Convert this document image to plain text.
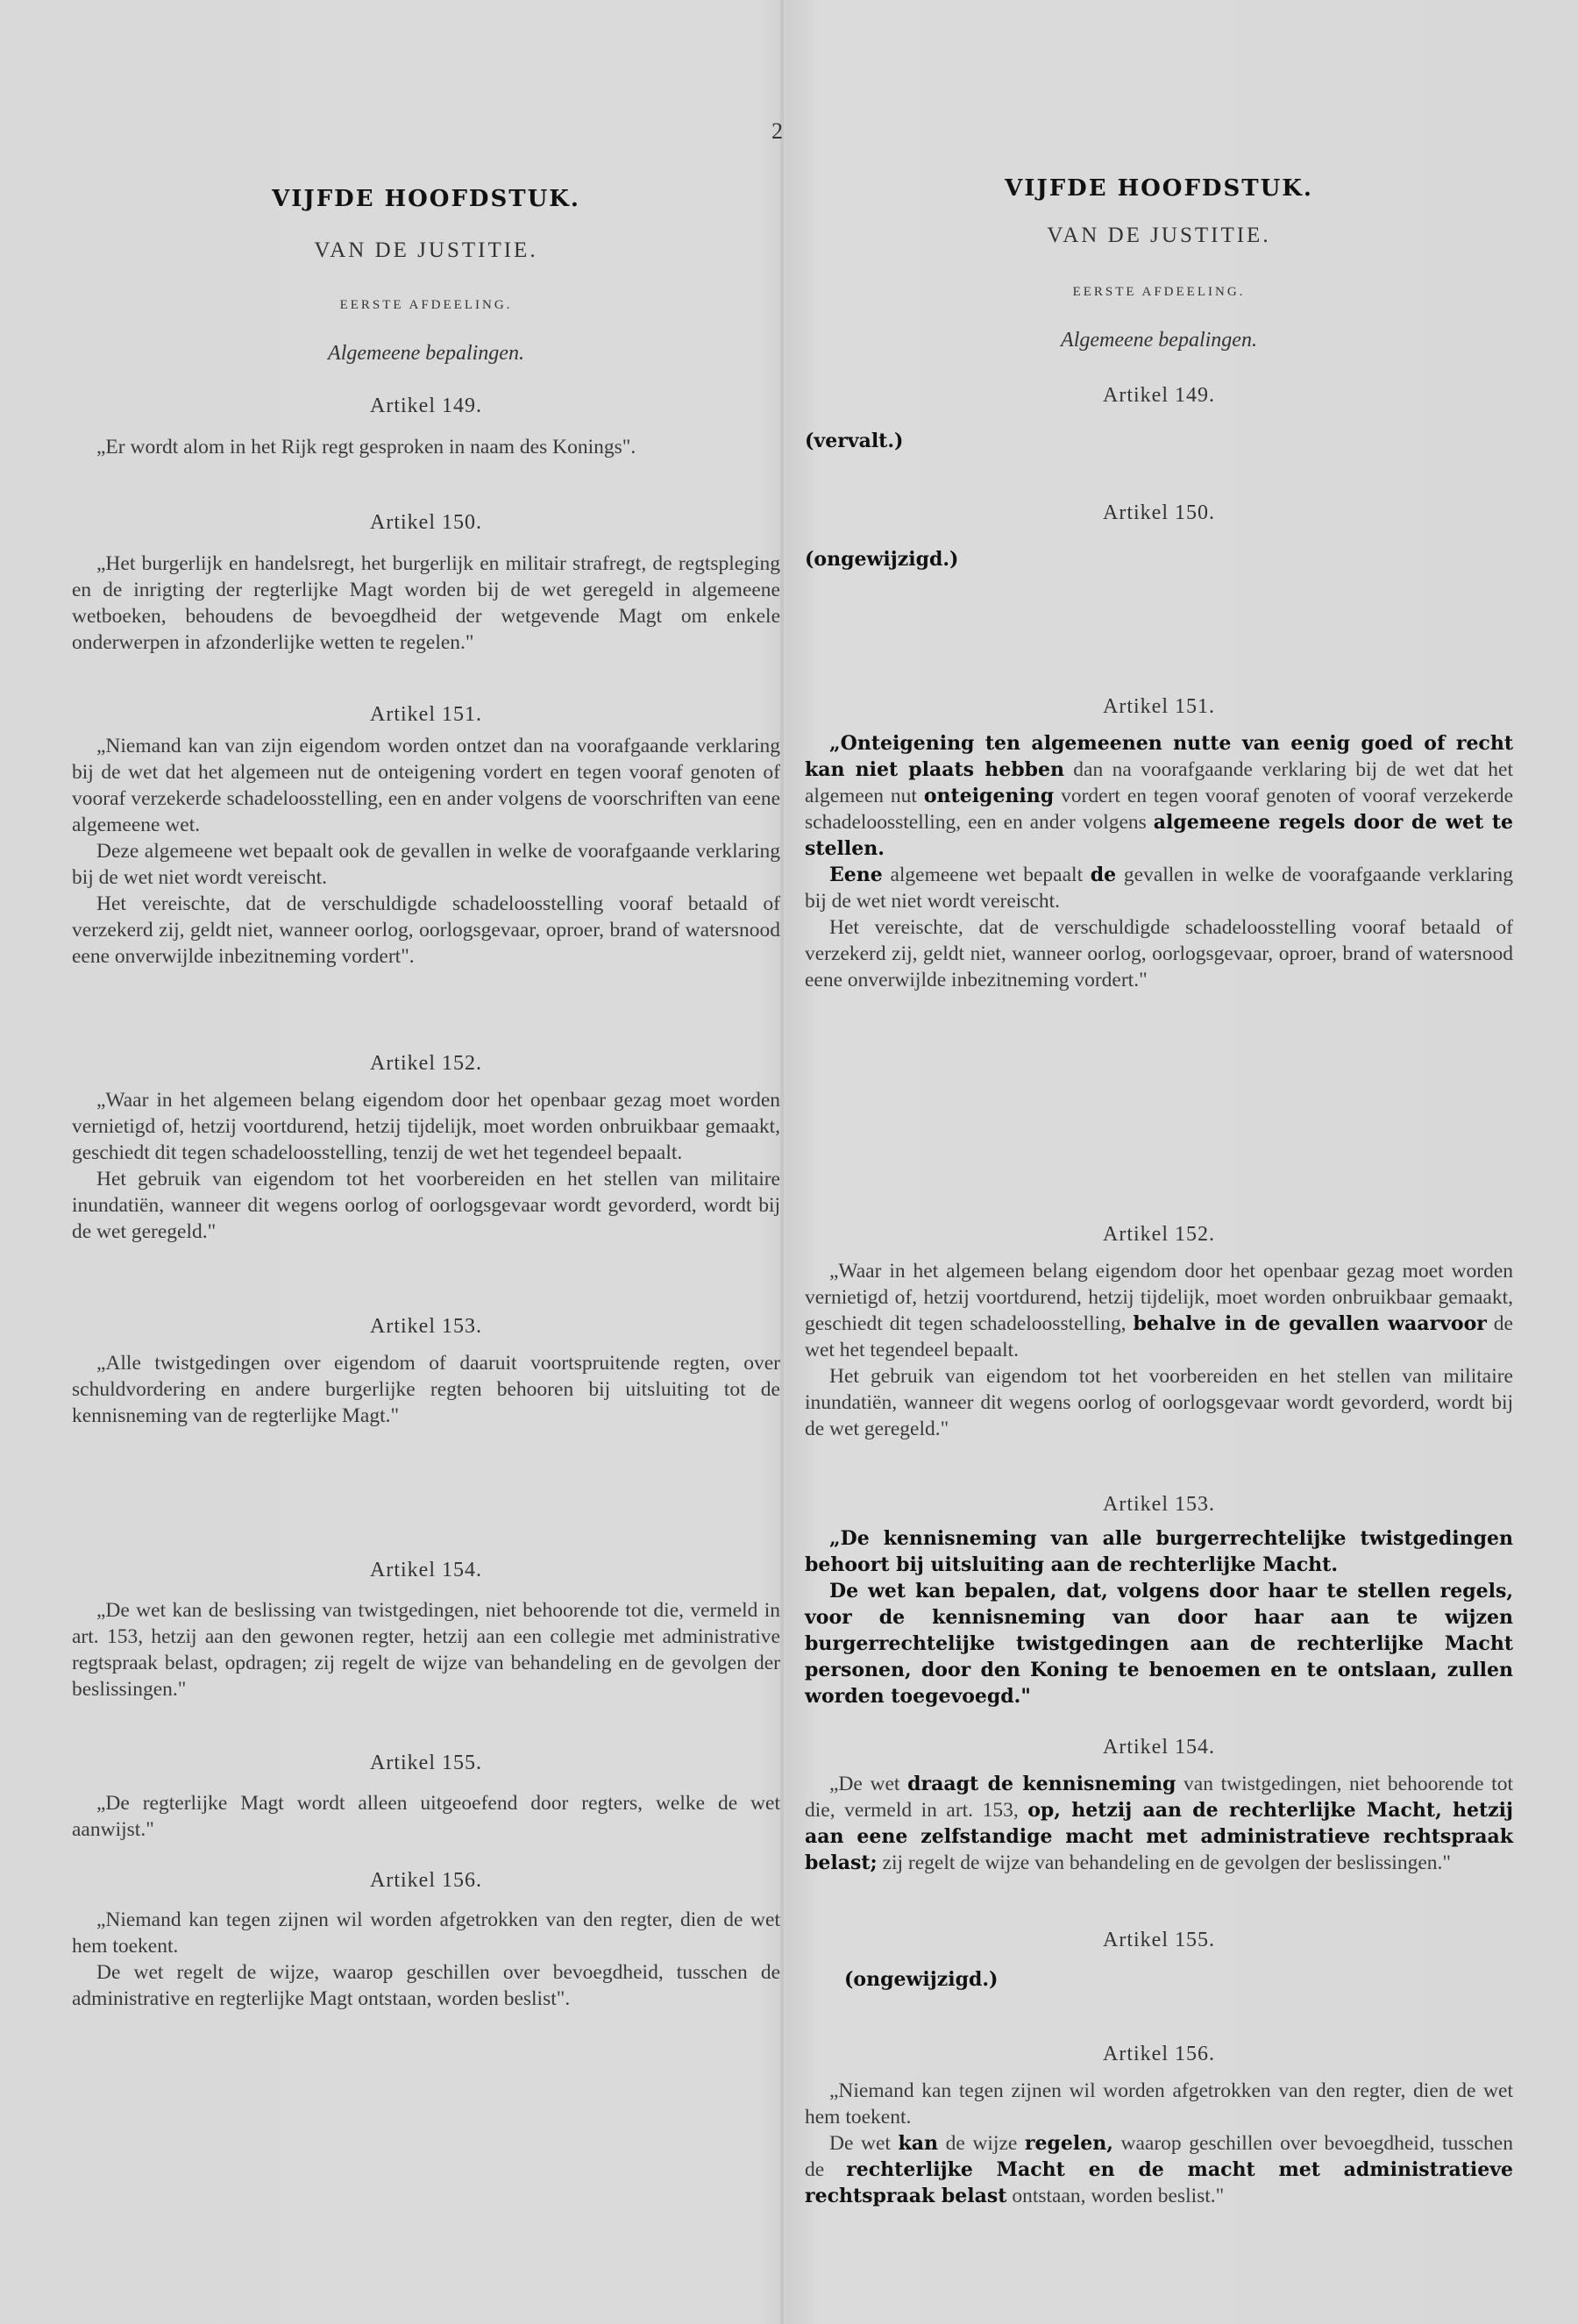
2
VIJFDE HOOFDSTUK.
VAN DE JUSTITIE.
EERSTE AFDEELING.
Algemeene bepalingen.
Artikel 149.

„Er wordt alom in het Rijk regt gesproken in naam des Konings".

Artikel 150.

„Het burgerlijk en handelsregt, het burgerlijk en militair strafregt, de regtspleging en de inrigting der regterlijke Magt worden bij de wet geregeld in algemeene wetboeken, behoudens de bevoegdheid der wetgevende Magt om enkele onderwerpen in afzonderlijke wetten te regelen."

Artikel 151.

„Niemand kan van zijn eigendom worden ontzet dan na voorafgaande verklaring bij de wet dat het algemeen nut de onteigening vordert en tegen vooraf genoten of vooraf verzekerde schadeloosstelling, een en ander volgens de voorschriften van eene algemeene wet.

Deze algemeene wet bepaalt ook de gevallen in welke de voorafgaande verklaring bij de wet niet wordt vereischt.

Het vereischte, dat de verschuldigde schadeloosstelling vooraf betaald of verzekerd zij, geldt niet, wanneer oorlog, oorlogsgevaar, oproer, brand of watersnood eene onverwijlde inbezitneming vordert".

Artikel 152.

„Waar in het algemeen belang eigendom door het openbaar gezag moet worden vernietigd of, hetzij voortdurend, hetzij tijdelijk, moet worden onbruikbaar gemaakt, geschiedt dit tegen schadeloosstelling, tenzij de wet het tegendeel bepaalt.

Het gebruik van eigendom tot het voorbereiden en het stellen van militaire inundatiën, wanneer dit wegens oorlog of oorlogsgevaar wordt gevorderd, wordt bij de wet geregeld."

Artikel 153.

„Alle twistgedingen over eigendom of daaruit voortspruitende regten, over schuldvordering en andere burgerlijke regten behooren bij uitsluiting tot de kennisneming van de regterlijke Magt."

Artikel 154.

„De wet kan de beslissing van twistgedingen, niet behoorende tot die, vermeld in art. 153, hetzij aan den gewonen regter, hetzij aan een collegie met administrative regtspraak belast, opdragen; zij regelt de wijze van behandeling en de gevolgen der beslissingen."

Artikel 155.

„De regterlijke Magt wordt alleen uitgeoefend door regters, welke de wet aanwijst."

Artikel 156.

„Niemand kan tegen zijnen wil worden afgetrokken van den regter, dien de wet hem toekent.

De wet regelt de wijze, waarop geschillen over bevoegdheid, tusschen de administrative en regterlijke Magt ontstaan, worden beslist".

VIJFDE HOOFDSTUK.
VAN DE JUSTITIE.
EERSTE AFDEELING.
Algemeene bepalingen.
Artikel 149.
(vervalt.)
Artikel 150.
(ongewijzigd.)
Artikel 151.

„Onteigening ten algemeenen nutte van eenig goed of recht kan niet plaats hebben dan na voorafgaande verklaring bij de wet dat het algemeen nut onteigening vordert en tegen vooraf genoten of vooraf verzekerde schadeloosstelling, een en ander volgens algemeene regels door de wet te stellen.

Eene algemeene wet bepaalt de gevallen in welke de voorafgaande verklaring bij de wet niet wordt vereischt.

Het vereischte, dat de verschuldigde schadeloosstelling vooraf betaald of verzekerd zij, geldt niet, wanneer oorlog, oorlogsgevaar, oproer, brand of watersnood eene onverwijlde inbezitneming vordert."

Artikel 152.

„Waar in het algemeen belang eigendom door het openbaar gezag moet worden vernietigd of, hetzij voortdurend, hetzij tijdelijk, moet worden onbruikbaar gemaakt, geschiedt dit tegen schadeloosstelling, behalve in de gevallen waarvoor de wet het tegendeel bepaalt.

Het gebruik van eigendom tot het voorbereiden en het stellen van militaire inundatiën, wanneer dit wegens oorlog of oorlogsgevaar wordt gevorderd, wordt bij de wet geregeld."

Artikel 153.

„De kennisneming van alle burgerrechtelijke twistgedingen behoort bij uitsluiting aan de rechterlijke Macht.

De wet kan bepalen, dat, volgens door haar te stellen regels, voor de kennisneming van door haar aan te wijzen burgerrechtelijke twistgedingen aan de rechterlijke Macht personen, door den Koning te benoemen en te ontslaan, zullen worden toegevoegd."

Artikel 154.

„De wet draagt de kennisneming van twistgedingen, niet behoorende tot die, vermeld in art. 153, op, hetzij aan de rechterlijke Macht, hetzij aan eene zelfstandige macht met administratieve rechtspraak belast; zij regelt de wijze van behandeling en de gevolgen der beslissingen."

Artikel 155.
(ongewijzigd.)
Artikel 156.

„Niemand kan tegen zijnen wil worden afgetrokken van den regter, dien de wet hem toekent.

De wet kan de wijze regelen, waarop geschillen over bevoegdheid, tusschen de rechterlijke Macht en de macht met administratieve rechtspraak belast ontstaan, worden beslist."
